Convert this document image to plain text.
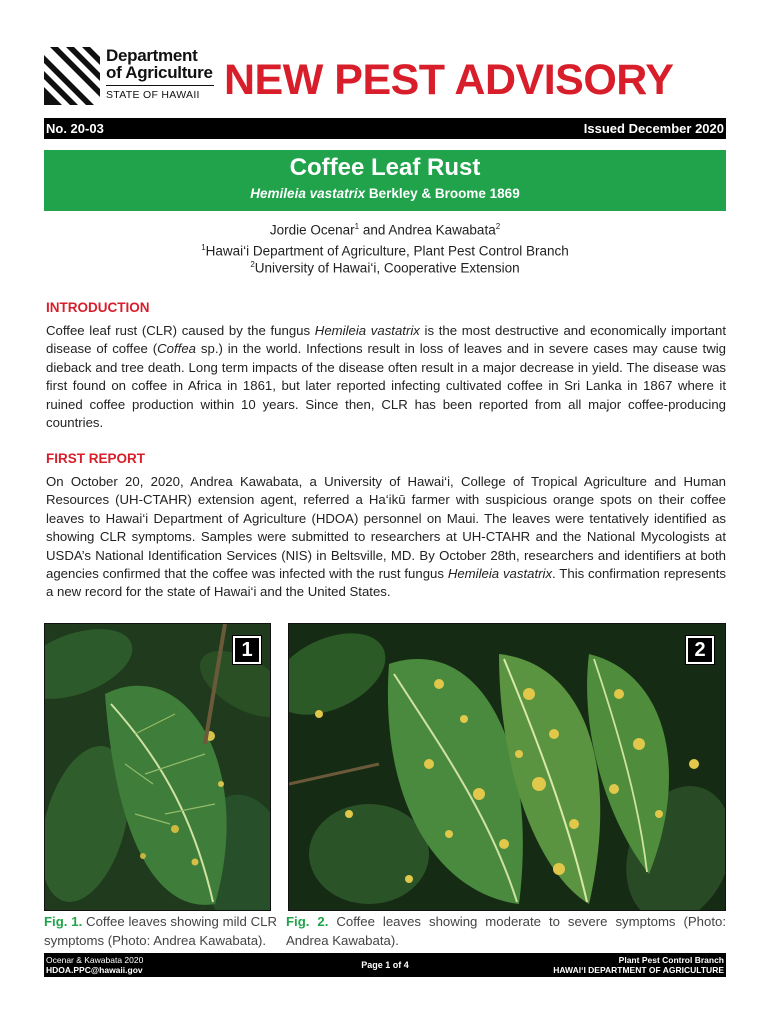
Department
of Agriculture
STATE OF HAWAII NEW PEST ADVISORY
No. 20-03	Issued December 2020
Coffee Leaf Rust
Hemileia vastatrix Berkley & Broome 1869
Jordie Ocenar$^1$ and Andrea Kawabata$^2$
$^1$Hawai‘i Department of Agriculture, Plant Pest Control Branch
$^2$University of Hawai‘i, Cooperative Extension
INTRODUCTION

Coffee leaf rust (CLR) caused by the fungus Hemileia vastatrix is the most destructive and economically important disease of coffee (Coffea sp.) in the world. Infections result in loss of leaves and in severe cases may cause twig dieback and tree death. Long term impacts of the disease often result in a major decrease in yield. The disease was first found on coffee in Africa in 1861, but later reported infecting cultivated coffee in Sri Lanka in 1867 where it ruined coffee production within 10 years. Since then, CLR has been reported from all major coffee-producing countries.

FIRST REPORT

On October 20, 2020, Andrea Kawabata, a University of Hawai‘i, College of Tropical Agriculture and Human Resources (UH-CTAHR) extension agent, referred a Ha‘ikū farmer with suspicious orange spots on their coffee leaves to Hawai‘i Department of Agriculture (HDOA) personnel on Maui. The leaves were tentatively identified as showing CLR symptoms. Samples were submitted to researchers at UH-CTAHR and the National Mycologists at USDA’s National Identification Services (NIS) in Beltsville, MD. By October 28th, researchers and identifiers at both agencies confirmed that the coffee was infected with the rust fungus Hemileia vastatrix. This confirmation represents a new record for the state of Hawai‘i and the United States.

1	2

Fig. 1. Coffee leaves showing mild CLR symptoms (Photo: Andrea Kawabata).

Fig. 2. Coffee leaves showing moderate to severe symptoms (Photo: Andrea Kawabata).

Ocenar & Kawabata 2020
HDOA.PPC@hawaii.gov	Page 1 of 4	Plant Pest Control Branch
HAWAI‘I DEPARTMENT OF AGRICULTURE
